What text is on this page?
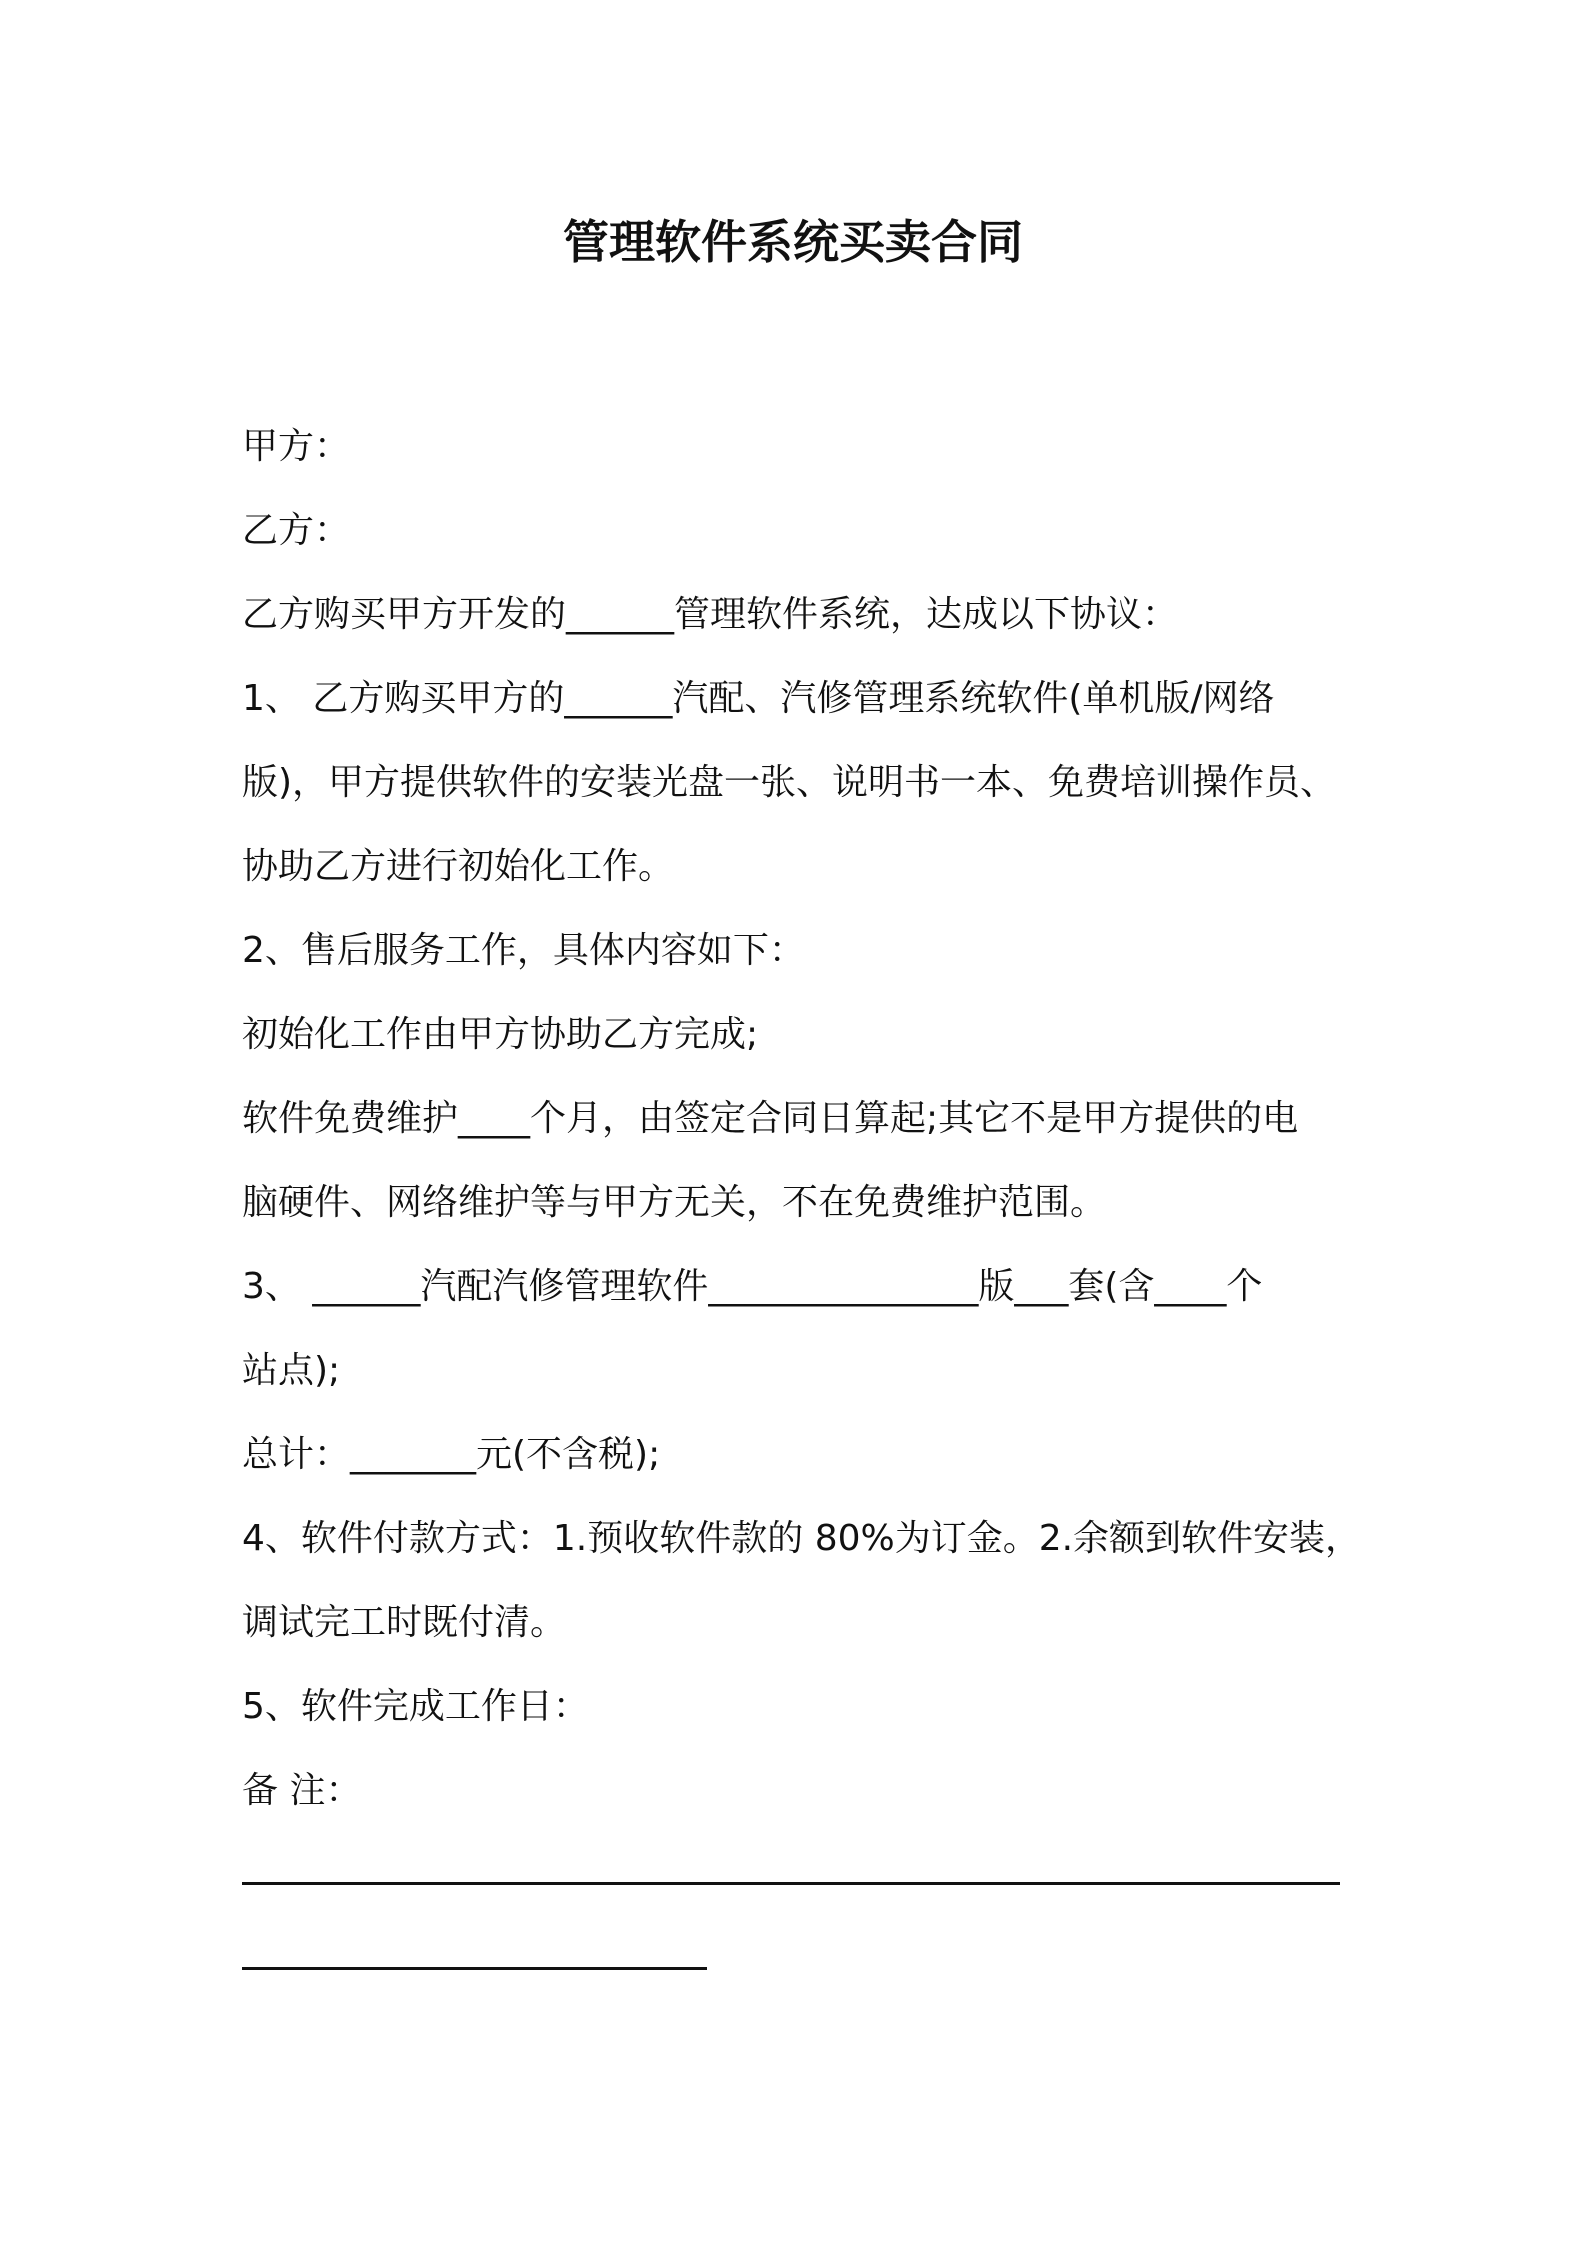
管理软件系统买卖合同
甲方：
乙方：
乙方购买甲方开发的______管理软件系统，达成以下协议：
1、 乙方购买甲方的______汽配、汽修管理系统软件(单机版/网络
版)，甲方提供软件的安装光盘一张、说明书一本、免费培训操作员、
协助乙方进行初始化工作。
2、售后服务工作，具体内容如下：
初始化工作由甲方协助乙方完成;
软件免费维护____个月，由签定合同日算起;其它不是甲方提供的电
脑硬件、网络维护等与甲方无关，不在免费维护范围。
3、 ______汽配汽修管理软件_______________版___套(含____个
站点);
总计：_______元(不含税);
4、软件付款方式：1.预收软件款的 80%为订金。2.余额到软件安装，
调试完工时既付清。
5、软件完成工作日：
备 注：
